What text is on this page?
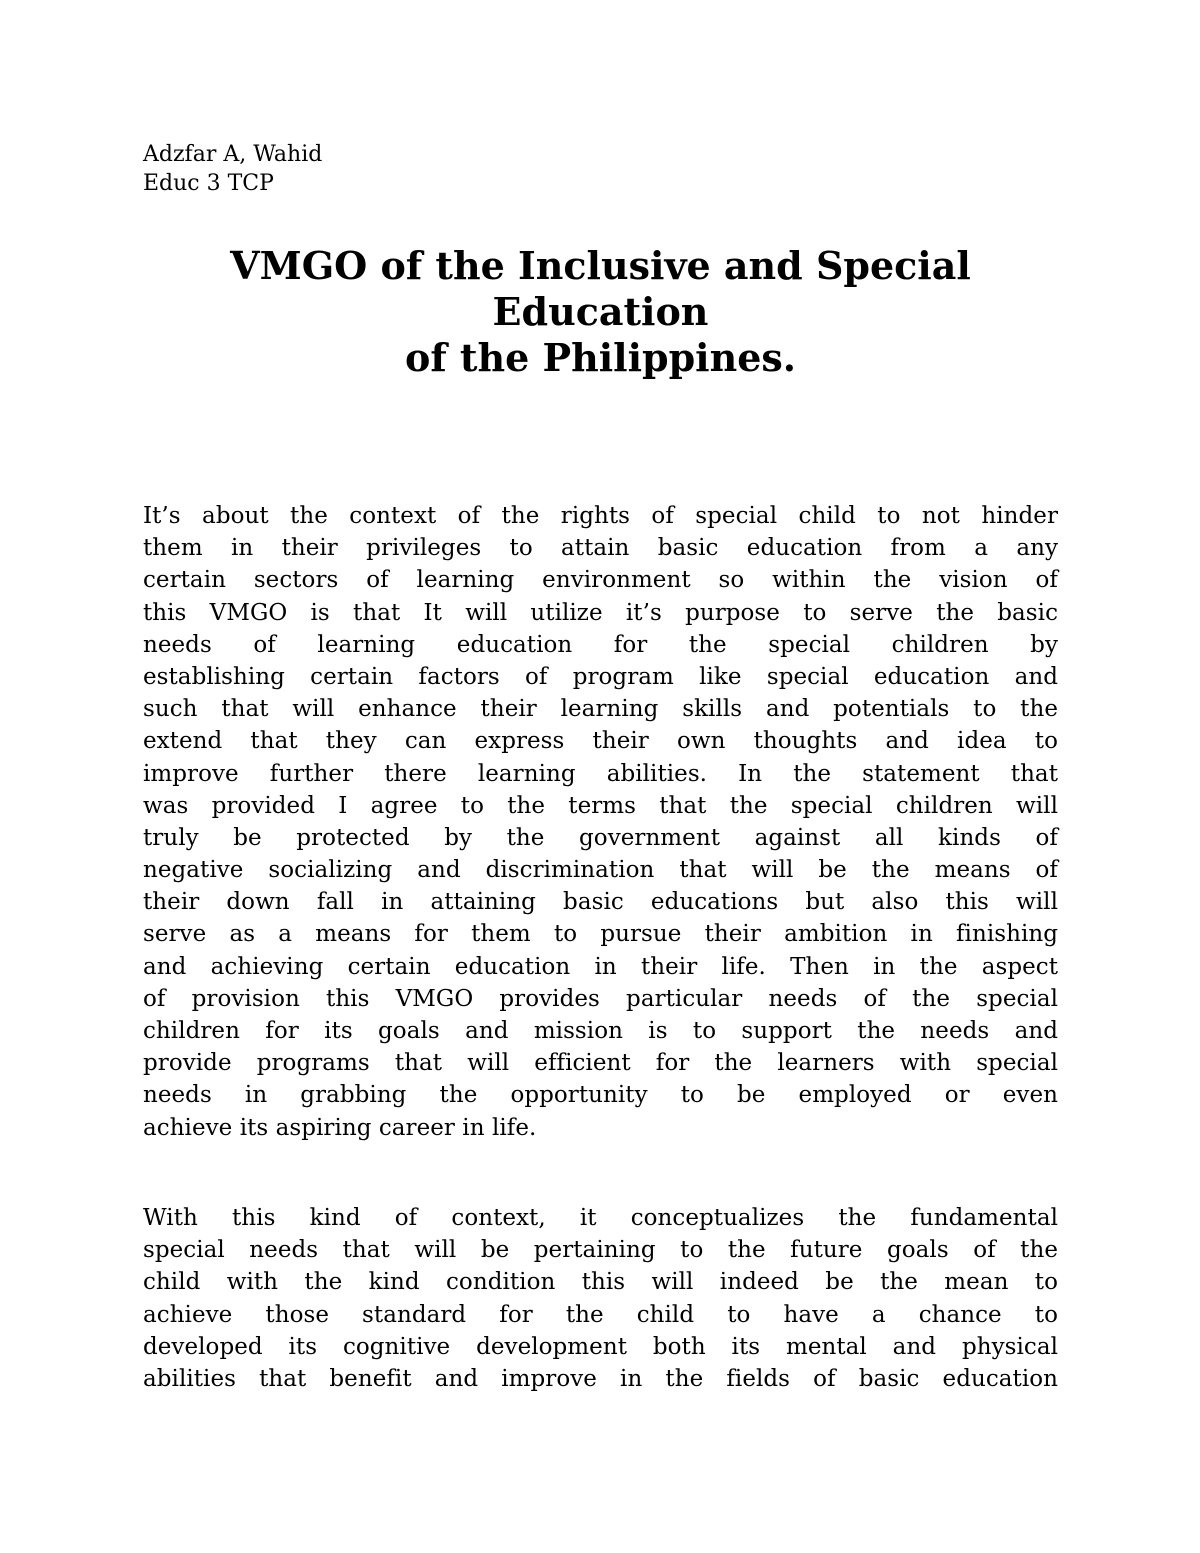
Adzfar A, Wahid
Educ 3 TCP
VMGO of the Inclusive and Special
Education
of the Philippines.
It’s about the context of the rights of special child to not hinder
them in their privileges to attain basic education from a any
certain sectors of learning environment so within the vision of
this VMGO is that It will utilize it’s purpose to serve the basic
needs of learning education for the special children by
establishing certain factors of program like special education and
such that will enhance their learning skills and potentials to the
extend that they can express their own thoughts and idea to
improve further there learning abilities. In the statement that
was provided I agree to the terms that the special children will
truly be protected by the government against all kinds of
negative socializing and discrimination that will be the means of
their down fall in attaining basic educations but also this will
serve as a means for them to pursue their ambition in finishing
and achieving certain education in their life. Then in the aspect
of provision this VMGO provides particular needs of the special
children for its goals and mission is to support the needs and
provide programs that will efficient for the learners with special
needs in grabbing the opportunity to be employed or even
achieve its aspiring career in life.
With this kind of context, it conceptualizes the fundamental
special needs that will be pertaining to the future goals of the
child with the kind condition this will indeed be the mean to
achieve those standard for the child to have a chance to
developed its cognitive development both its mental and physical
abilities that benefit and improve in the fields of basic education
